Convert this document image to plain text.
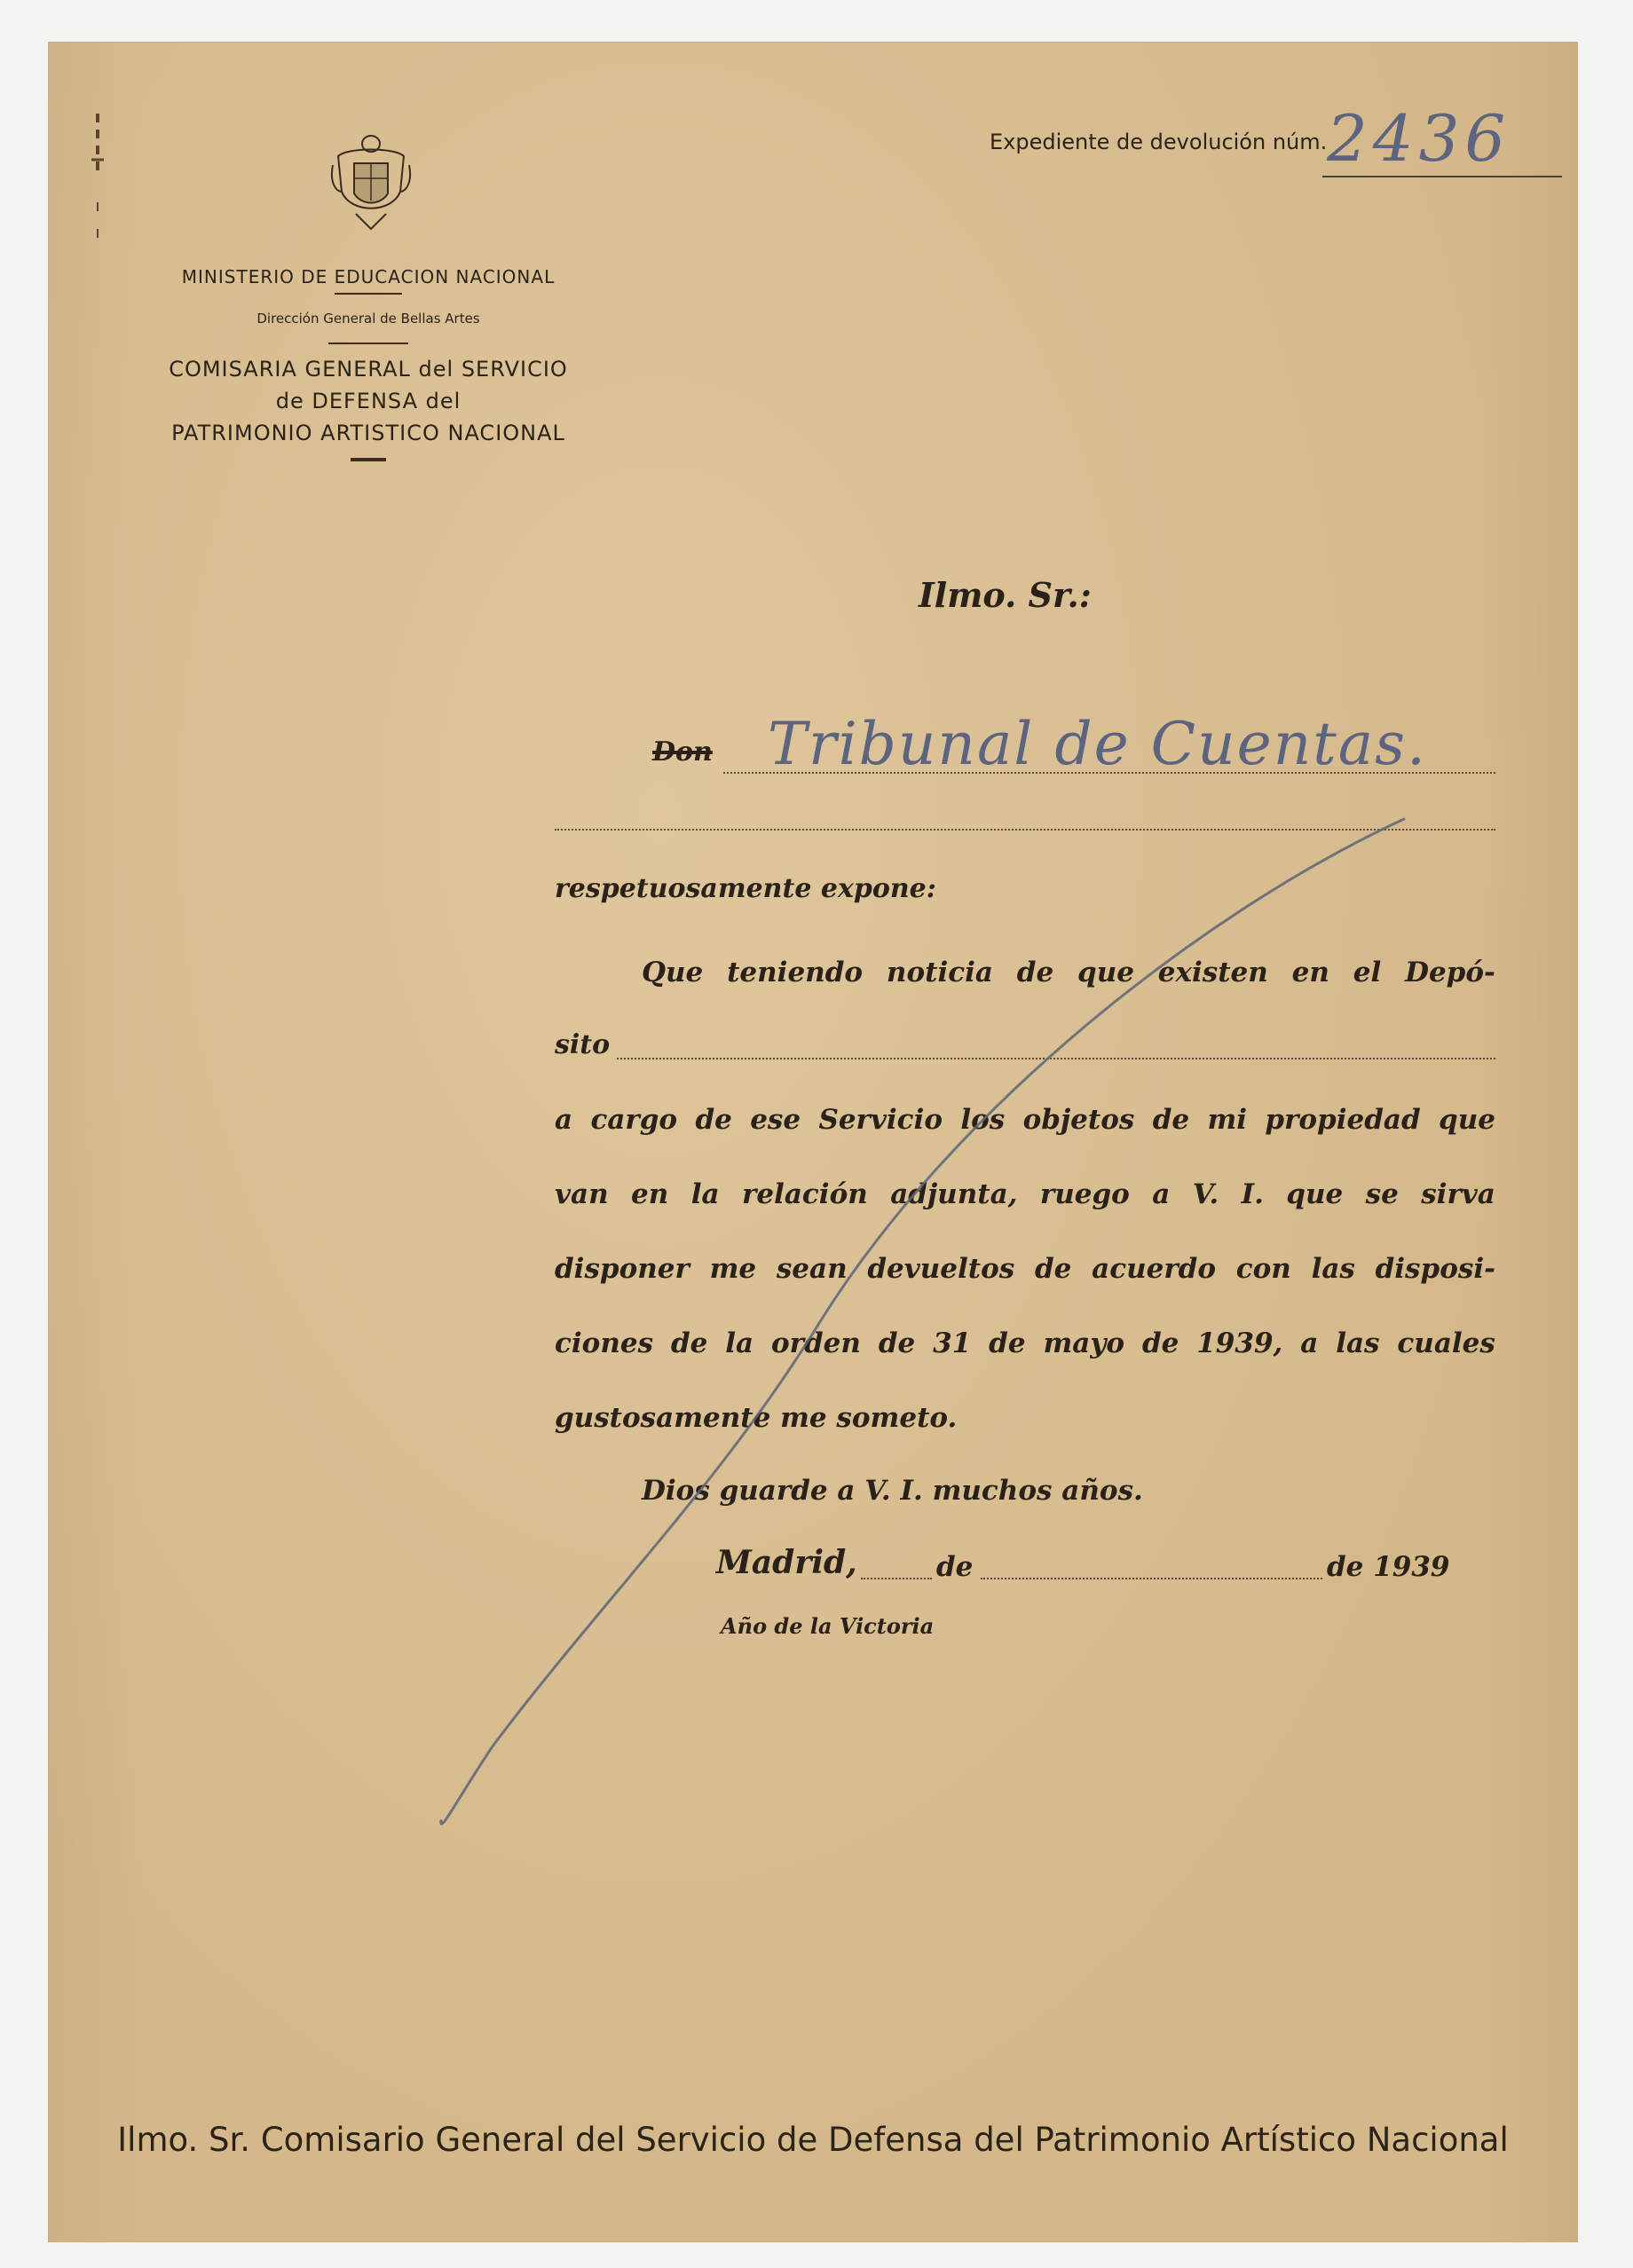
MINISTERIO DE EDUCACION NACIONAL
Dirección General de Bellas Artes
COMISARIA GENERAL del SERVICIO
de DEFENSA del
PATRIMONIO ARTISTICO NACIONAL
Expediente de devolución núm. 2436
Ilmo. Sr.:
Don Tribunal de Cuentas.
respetuosamente expone:
Que teniendo noticia de que existen en el Depó-
sito
a cargo de ese Servicio los objetos de mi propiedad que
van en la relación adjunta, ruego a V. I. que se sirva
disponer me sean devueltos de acuerdo con las disposi-
ciones de la orden de 31 de mayo de 1939, a las cuales
gustosamente me someto.
Dios guarde a V. I. muchos años.
Madrid,	de	de 1939
Año de la Victoria
Ilmo. Sr. Comisario General del Servicio de Defensa del Patrimonio Artístico Nacional
